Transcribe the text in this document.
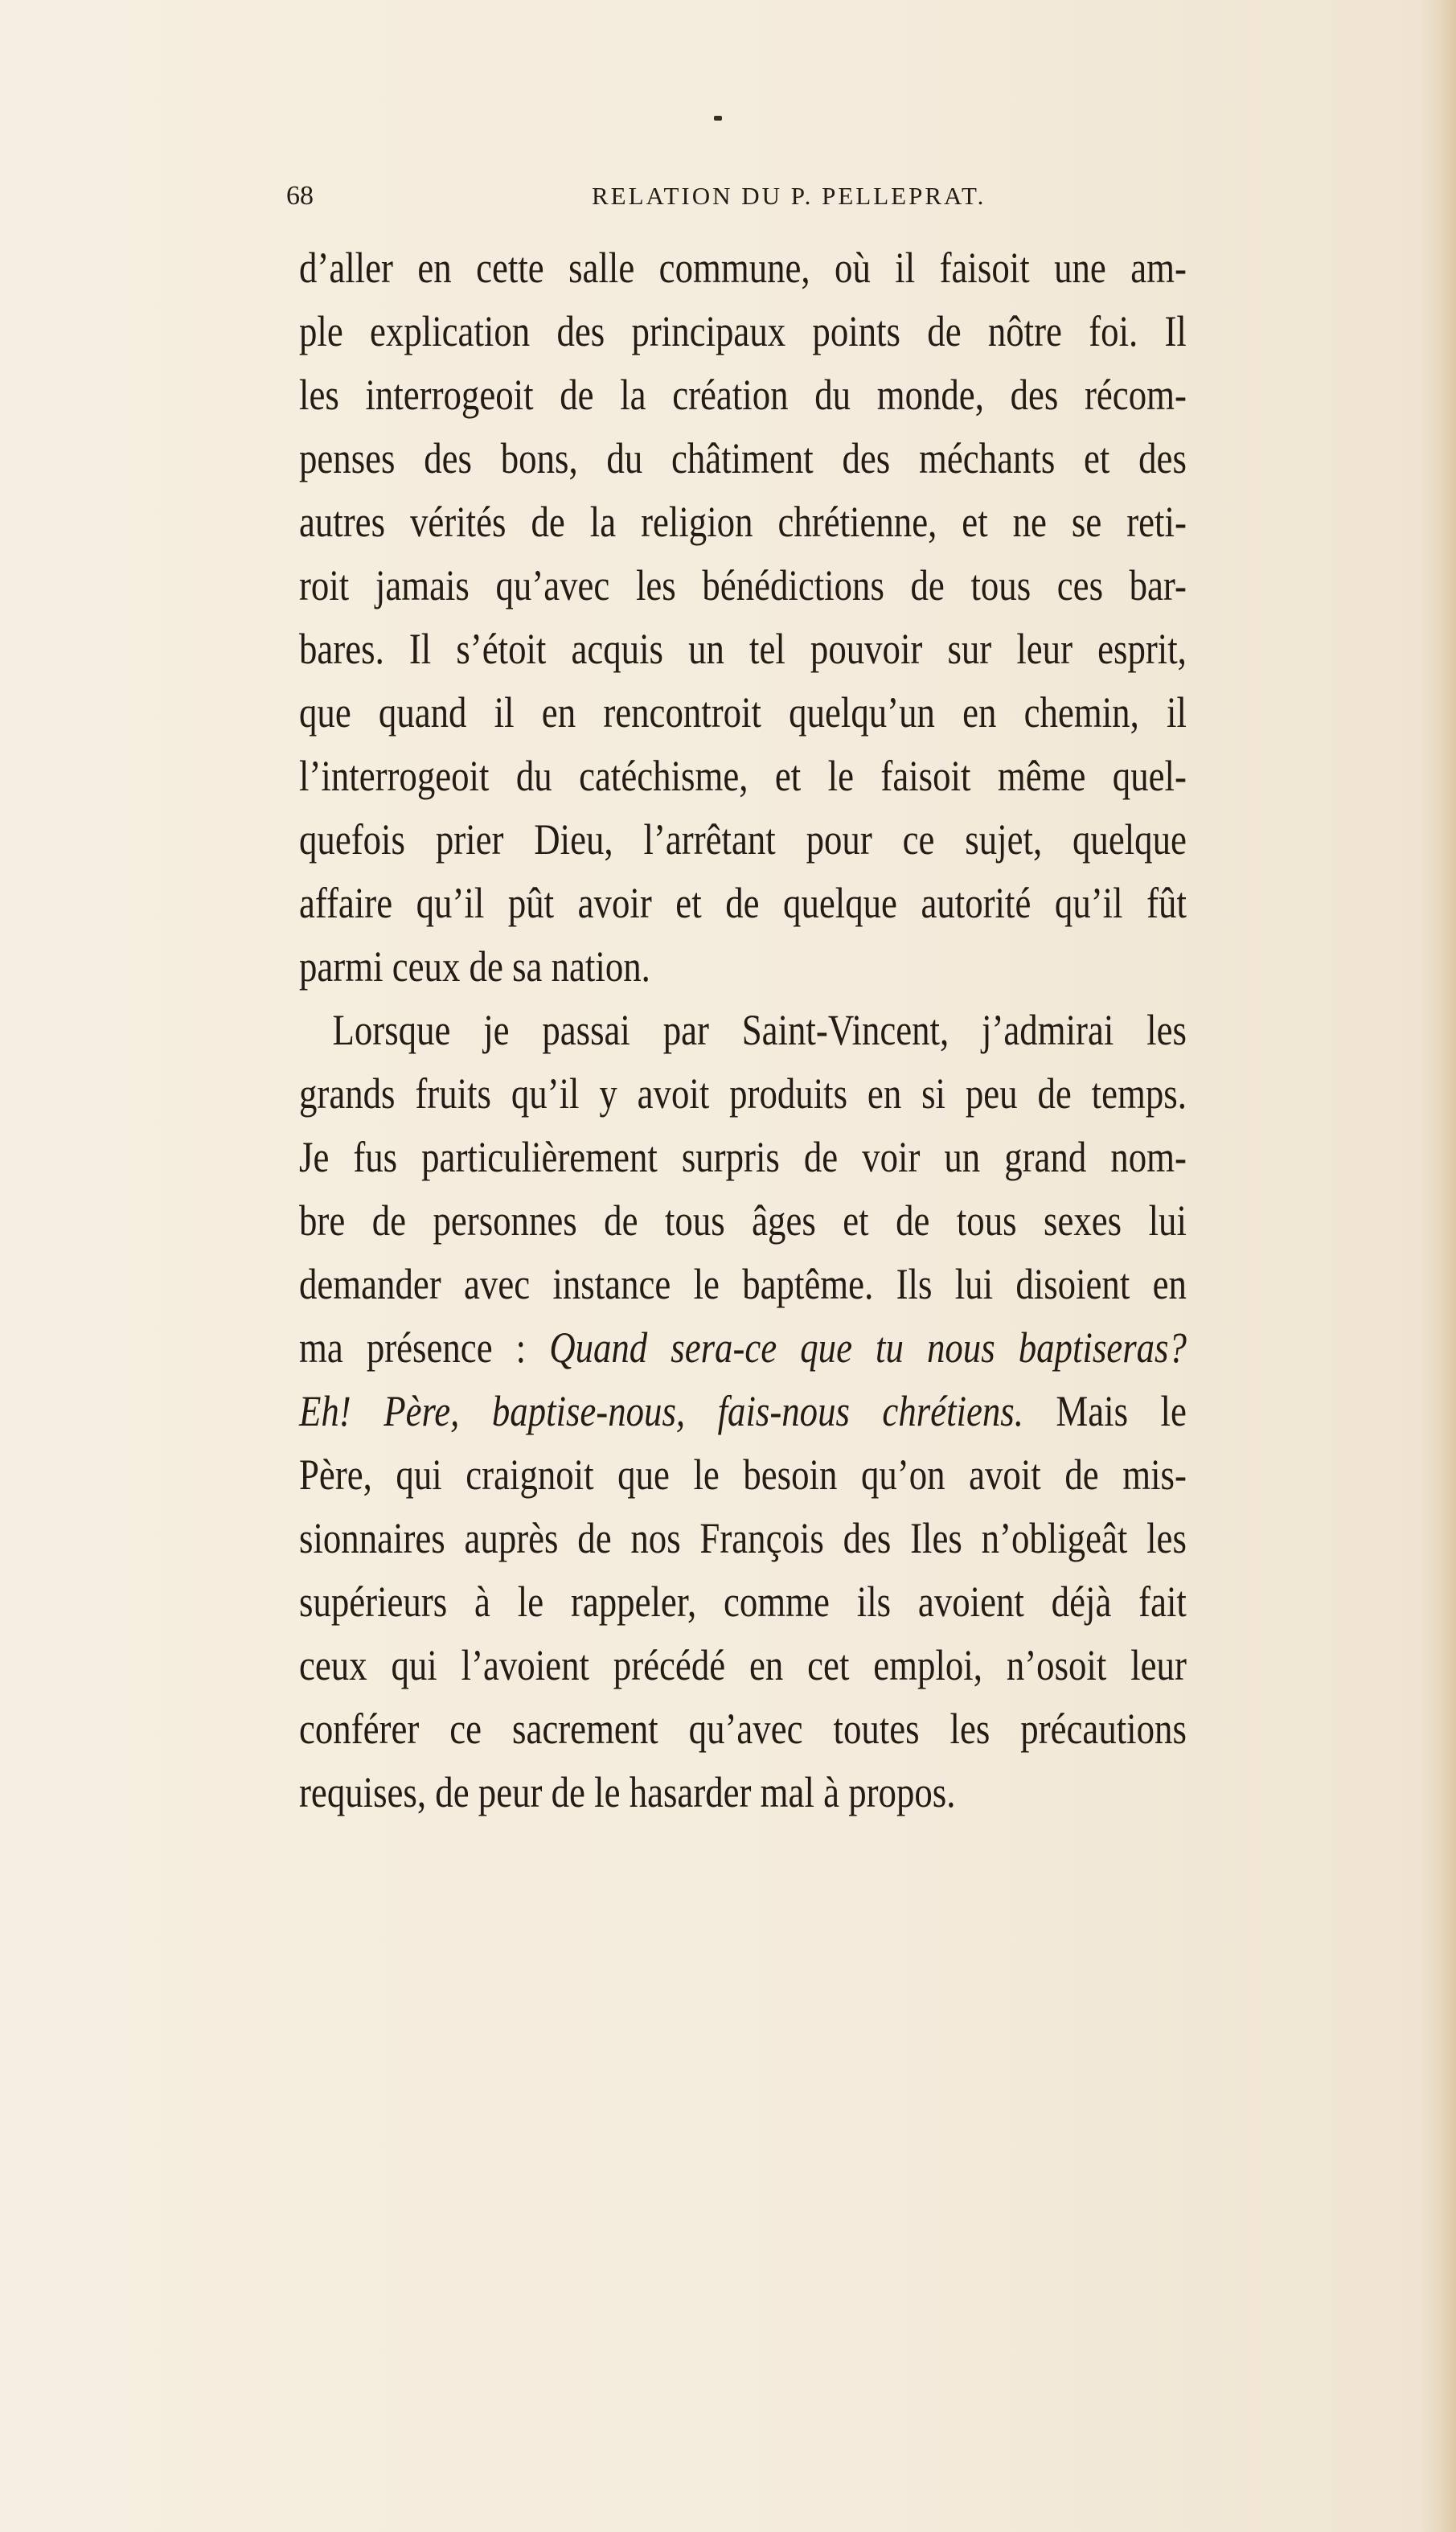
68	RELATION DU P. PELLEPRAT.
d’aller en cette salle commune, où il faisoit une am-
ple explication des principaux points de nôtre foi. Il
les interrogeoit de la création du monde, des récom-
penses des bons, du châtiment des méchants et des
autres vérités de la religion chrétienne, et ne se reti-
roit jamais qu’avec les bénédictions de tous ces bar-
bares. Il s’étoit acquis un tel pouvoir sur leur esprit,
que quand il en rencontroit quelqu’un en chemin, il
l’interrogeoit du catéchisme, et le faisoit même quel-
quefois prier Dieu, l’arrêtant pour ce sujet, quelque
affaire qu’il pût avoir et de quelque autorité qu’il fût
parmi ceux de sa nation.
Lorsque je passai par Saint-Vincent, j’admirai les
grands fruits qu’il y avoit produits en si peu de temps.
Je fus particulièrement surpris de voir un grand nom-
bre de personnes de tous âges et de tous sexes lui
demander avec instance le baptême. Ils lui disoient en
ma présence : Quand sera-ce que tu nous baptiseras?
Eh! Père, baptise-nous, fais-nous chrétiens. Mais le
Père, qui craignoit que le besoin qu’on avoit de mis-
sionnaires auprès de nos François des Iles n’obligeât les
supérieurs à le rappeler, comme ils avoient déjà fait
ceux qui l’avoient précédé en cet emploi, n’osoit leur
conférer ce sacrement qu’avec toutes les précautions
requises, de peur de le hasarder mal à propos.
